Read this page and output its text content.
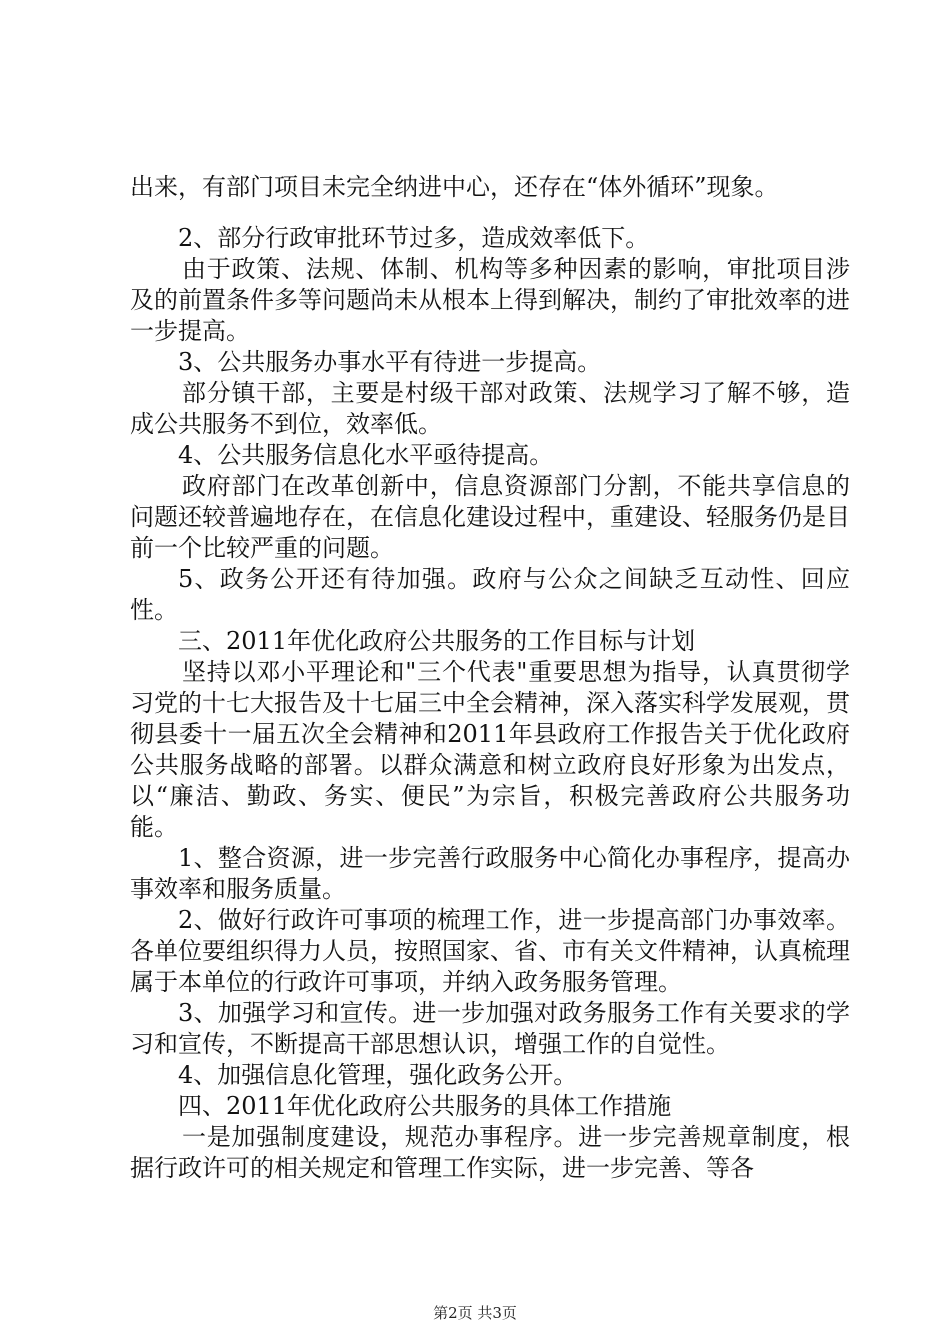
出来，有部门项目未完全纳进中心，还存在“体外循环”现象。

2、部分行政审批环节过多，造成效率低下。

由于政策、法规、体制、机构等多种因素的影响，审批项目涉及的前置条件多等问题尚未从根本上得到解决，制约了审批效率的进一步提高。

3、公共服务办事水平有待进一步提高。

部分镇干部，主要是村级干部对政策、法规学习了解不够，造成公共服务不到位，效率低。

4、公共服务信息化水平亟待提高。

政府部门在改革创新中，信息资源部门分割，不能共享信息的问题还较普遍地存在，在信息化建设过程中，重建设、轻服务仍是目前一个比较严重的问题。

5、政务公开还有待加强。政府与公众之间缺乏互动性、回应性。

三、2011年优化政府公共服务的工作目标与计划

坚持以邓小平理论和"三个代表"重要思想为指导，认真贯彻学习党的十七大报告及十七届三中全会精神，深入落实科学发展观，贯彻县委十一届五次全会精神和2011年县政府工作报告关于优化政府公共服务战略的部署。以群众满意和树立政府良好形象为出发点，以“廉洁、勤政、务实、便民”为宗旨，积极完善政府公共服务功能。

1、整合资源，进一步完善行政服务中心简化办事程序，提高办事效率和服务质量。

2、做好行政许可事项的梳理工作，进一步提高部门办事效率。各单位要组织得力人员，按照国家、省、市有关文件精神，认真梳理属于本单位的行政许可事项，并纳入政务服务管理。

3、加强学习和宣传。进一步加强对政务服务工作有关要求的学习和宣传，不断提高干部思想认识，增强工作的自觉性。

4、加强信息化管理，强化政务公开。

四、2011年优化政府公共服务的具体工作措施

一是加强制度建设，规范办事程序。进一步完善规章制度，根据行政许可的相关规定和管理工作实际，进一步完善、等各

第2页 共3页
